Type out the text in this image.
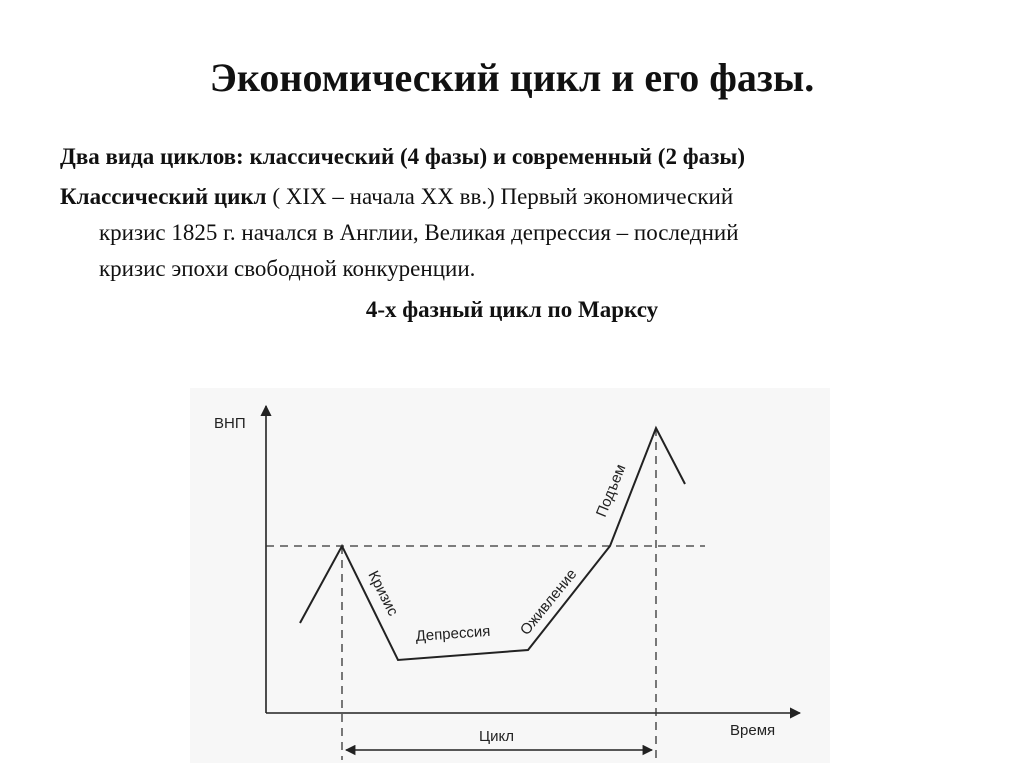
Экономический цикл и его фазы.
Два вида циклов: классический (4 фазы) и современный (2 фазы)
Классический цикл ( XIX – начала XX вв.) Первый экономический
кризис 1825 г. начался в Англии, Великая депрессия – последний
кризис эпохи свободной конкуренции.
4-х фазный цикл по Марксу
ВНП
Время
Цикл
Кризис
Депрессия Оживление
Подъем
